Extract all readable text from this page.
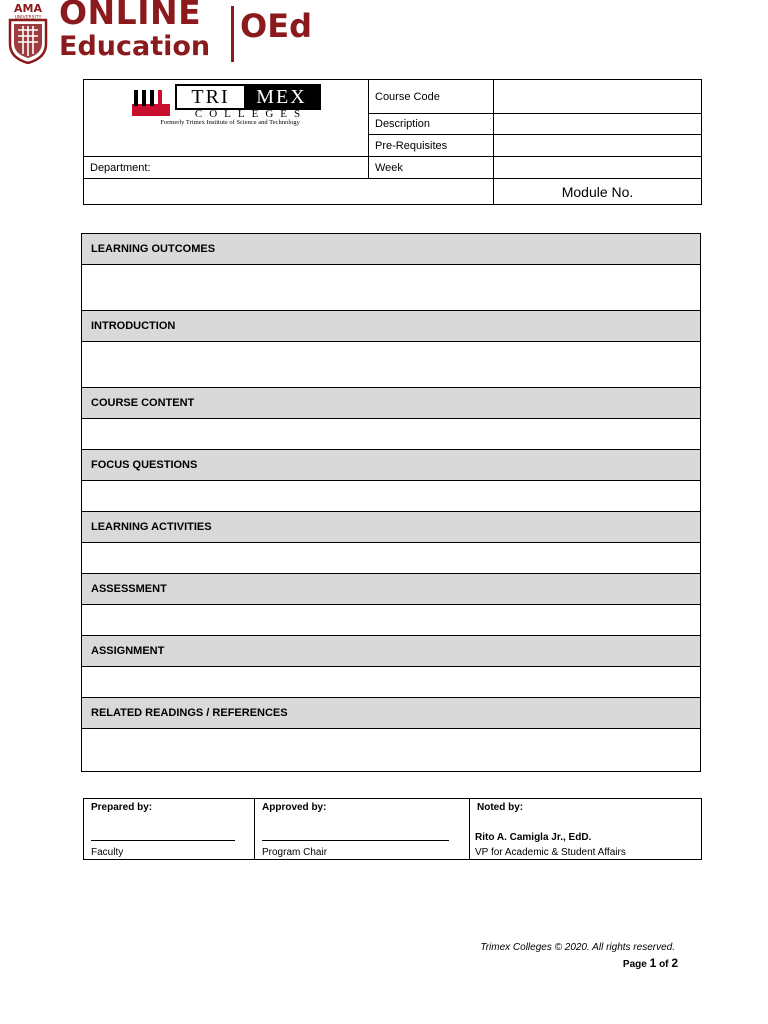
AMA
UNIVERSITY ONLINE
Education
OEd
TRI MEX
COLLEGES
Formerly Trimex Institute of Science and Technology	Course Code	
	Description	
	Pre-Requisites	
Department:	Week	
		Module No.
LEARNING OUTCOMES

INTRODUCTION

COURSE CONTENT

FOCUS QUESTIONS

LEARNING ACTIVITIES

ASSESSMENT

ASSIGNMENT

RELATED READINGS / REFERENCES

Prepared by:
Faculty

Approved by:
Program Chair

Noted by:
Rito A. Camigla Jr., EdD.
VP for Academic & Student Affairs
Trimex Colleges © 2020. All rights reserved.
Page 1 of 2
